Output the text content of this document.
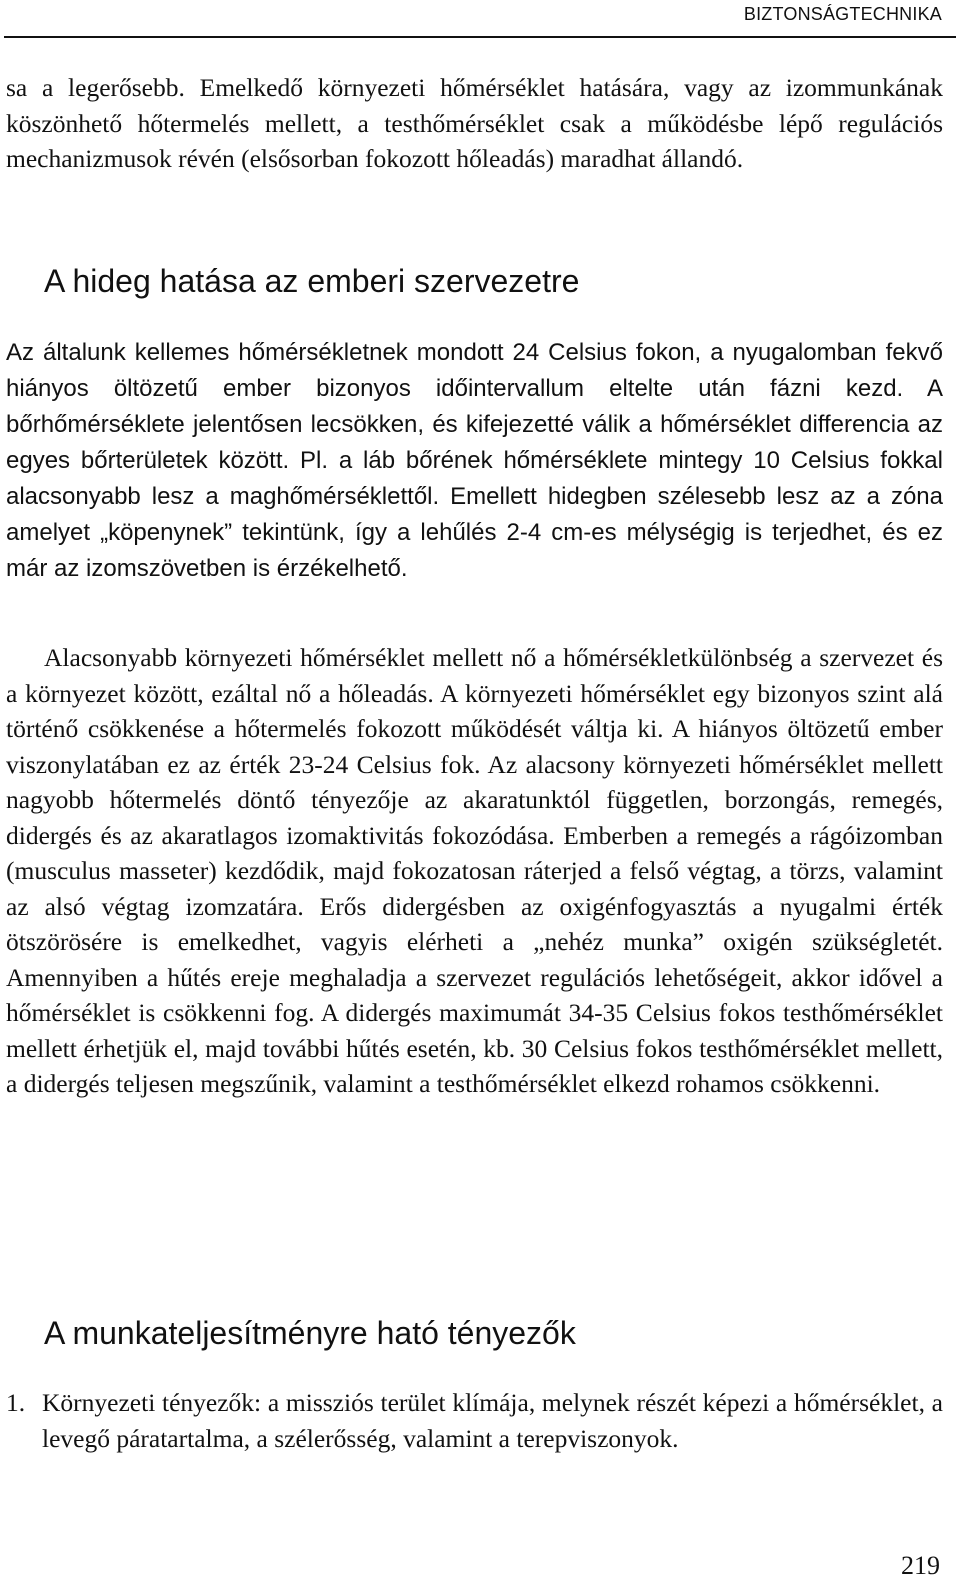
BIZTONSÁGTECHNIKA

sa a legerősebb. Emelkedő környezeti hőmérséklet hatására, vagy az izommunkának köszönhető hőtermelés mellett, a testhőmérséklet csak a működésbe lépő regulációs mechanizmusok révén (elsősorban fokozott hőleadás) maradhat állandó.

A hideg hatása az emberi szervezetre

Az általunk kellemes hőmérsékletnek mondott 24 Celsius fokon, a nyugalomban fekvő hiányos öltözetű ember bizonyos időintervallum eltelte után fázni kezd. A bőrhőmérséklete jelentősen lecsökken, és kifejezetté válik a hőmérséklet differencia az egyes bőrterületek között. Pl. a láb bőrének hőmérséklete mintegy 10 Celsius fokkal alacsonyabb lesz a maghőmérséklettől. Emellett hidegben szélesebb lesz az a zóna amelyet „köpenynek” tekintünk, így a lehűlés 2-4 cm-es mélységig is terjedhet, és ez már az izomszövetben is érzékelhető.

Alacsonyabb környezeti hőmérséklet mellett nő a hőmérsékletkülönbség a szervezet és a környezet között, ezáltal nő a hőleadás. A környezeti hőmérséklet egy bizonyos szint alá történő csökkenése a hőtermelés fokozott működését váltja ki. A hiányos öltözetű ember viszonylatában ez az érték 23-24 Celsius fok. Az alacsony környezeti hőmérséklet mellett nagyobb hőtermelés döntő tényezője az akaratunktól független, borzongás, remegés, didergés és az akaratlagos izomaktivitás fokozódása. Emberben a remegés a rágóizomban (musculus masseter) kezdődik, majd fokozatosan ráterjed a felső végtag, a törzs, valamint az alsó végtag izomzatára. Erős didergésben az oxigénfogyasztás a nyugalmi érték ötszörösére is emelkedhet, vagyis elérheti a „nehéz munka” oxigén szükségletét. Amennyiben a hűtés ereje meghaladja a szervezet regulációs lehetőségeit, akkor idővel a hőmérséklet is csökkenni fog. A didergés maximumát 34-35 Celsius fokos testhőmérséklet mellett érhetjük el, majd további hűtés esetén, kb. 30 Celsius fokos testhőmérséklet mellett, a didergés teljesen megszűnik, valamint a testhőmérséklet elkezd rohamos csökkenni.

A munkateljesítményre ható tényezők
1. Környezeti tényezők: a missziós terület klímája, melynek részét képezi a hőmérséklet, a levegő páratartalma, a szélerősség, valamint a terepviszonyok.
219
